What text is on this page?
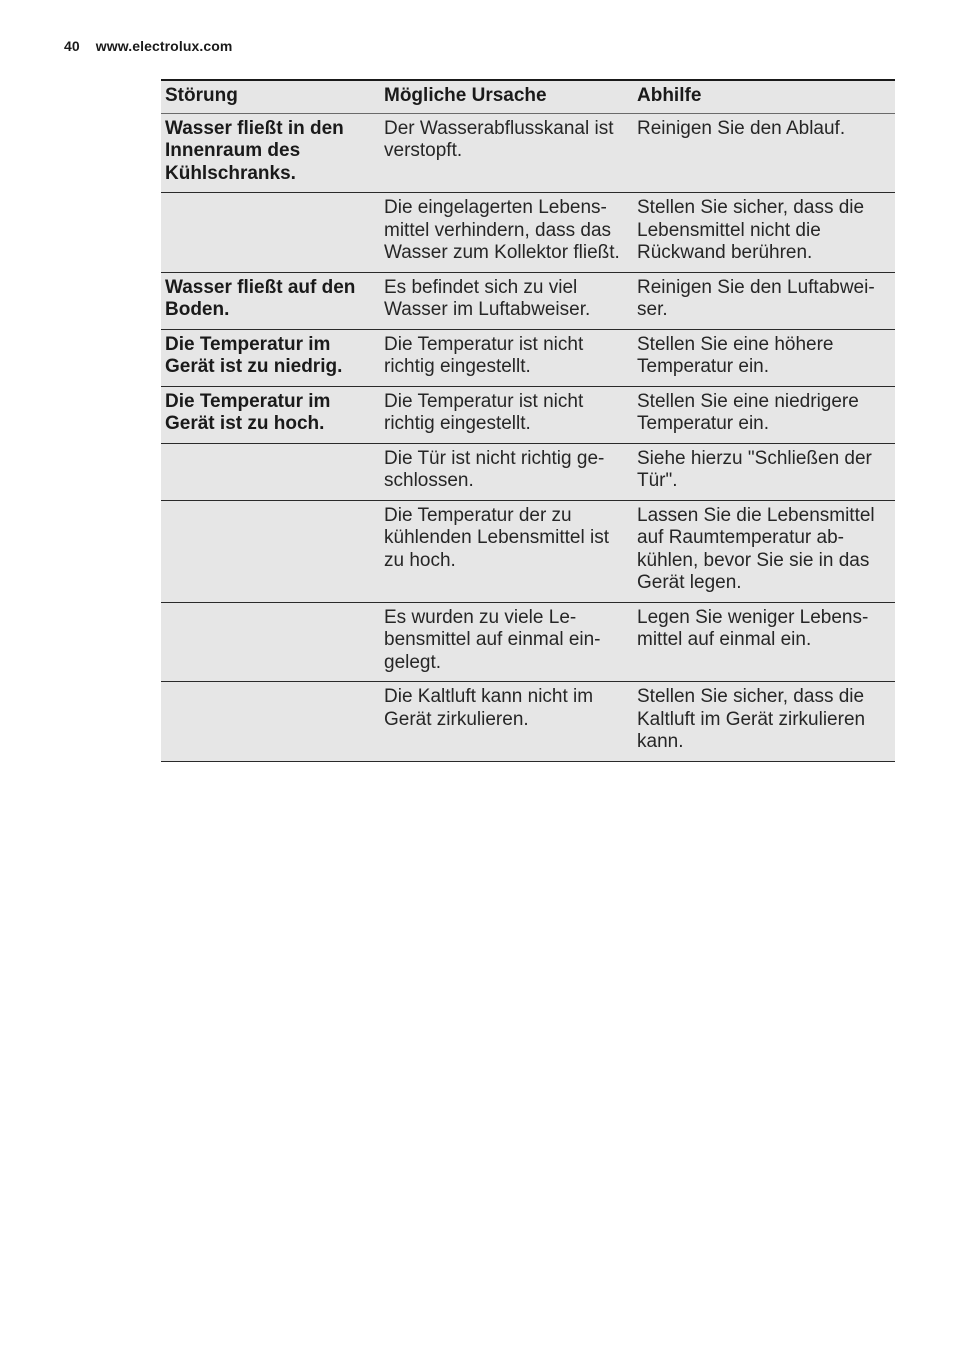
40 www.electrolux.com
Störung	Mögliche Ursache	Abhilfe
Wasser fließt in den Innenraum des Kühlschranks.	Der Wasserabflusskanal ist verstopft.	Reinigen Sie den Ablauf.
	Die eingelagerten Lebens-mittel verhindern, dass das Wasser zum Kollektor fließt.	Stellen Sie sicher, dass die Lebensmittel nicht die Rückwand berühren.
Wasser fließt auf den Boden.	Es befindet sich zu viel Wasser im Luftabweiser.	Reinigen Sie den Luftabwei-ser.
Die Temperatur im Gerät ist zu niedrig.	Die Temperatur ist nicht richtig eingestellt.	Stellen Sie eine höhere Temperatur ein.
Die Temperatur im Gerät ist zu hoch.	Die Temperatur ist nicht richtig eingestellt.	Stellen Sie eine niedrigere Temperatur ein.
	Die Tür ist nicht richtig ge-schlossen.	Siehe hierzu "Schließen der Tür".
	Die Temperatur der zu kühlenden Lebensmittel ist zu hoch.	Lassen Sie die Lebensmittel auf Raumtemperatur ab-kühlen, bevor Sie sie in das Gerät legen.
	Es wurden zu viele Le-bensmittel auf einmal ein-gelegt.	Legen Sie weniger Lebens-mittel auf einmal ein.
	Die Kaltluft kann nicht im Gerät zirkulieren.	Stellen Sie sicher, dass die Kaltluft im Gerät zirkulieren kann.
